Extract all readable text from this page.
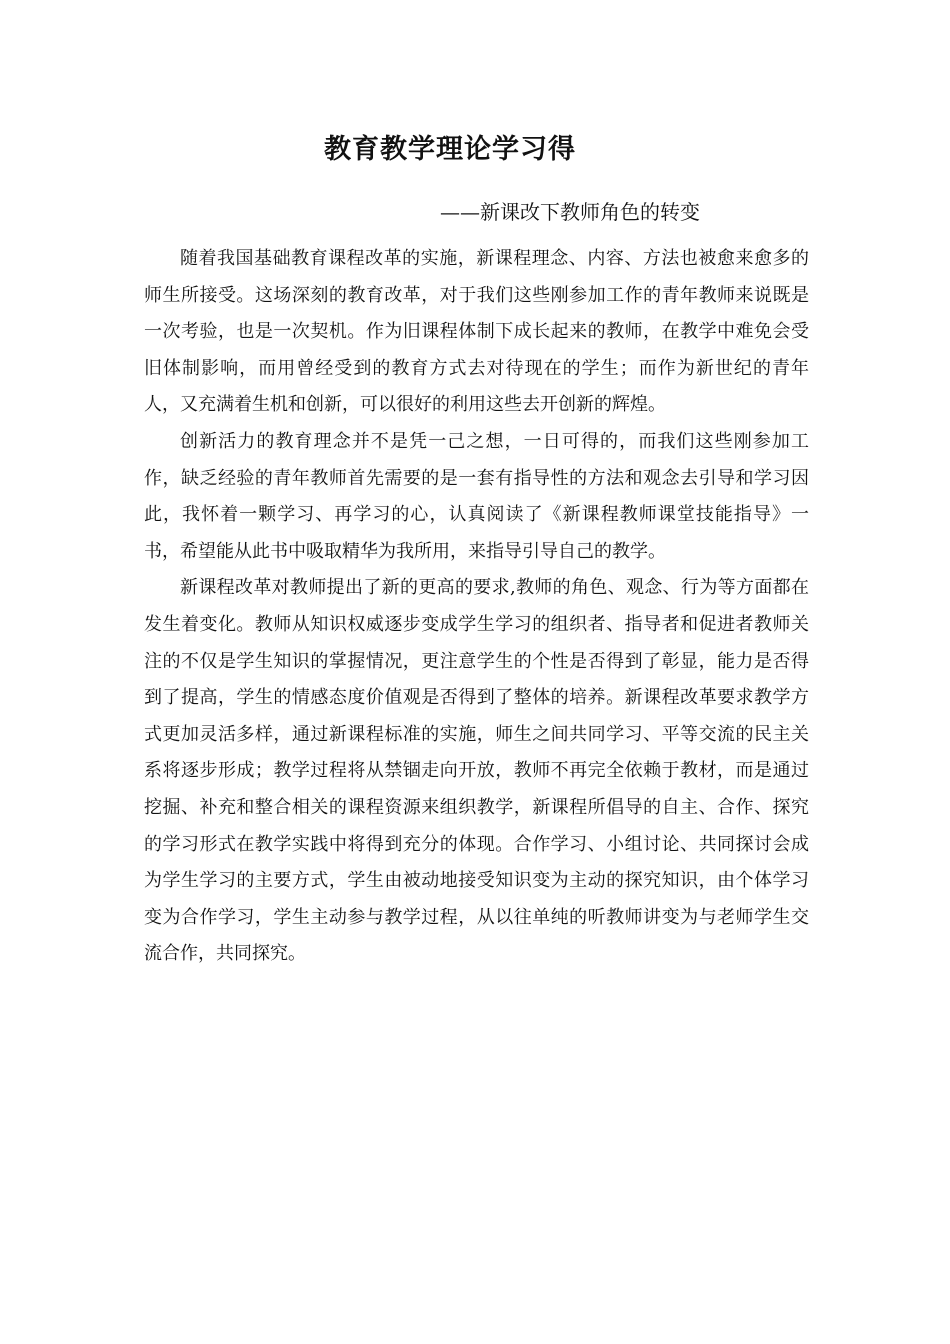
教育教学理论学习得
——新课改下教师角色的转变

随着我国基础教育课程改革的实施，新课程理念、内容、方法也被愈来愈多的师生所接受。这场深刻的教育改革，对于我们这些刚参加工作的青年教师来说既是一次考验，也是一次契机。作为旧课程体制下成长起来的教师，在教学中难免会受旧体制影响，而用曾经受到的教育方式去对待现在的学生；而作为新世纪的青年人，又充满着生机和创新，可以很好的利用这些去开创新的辉煌。

创新活力的教育理念并不是凭一己之想，一日可得的，而我们这些刚参加工作，缺乏经验的青年教师首先需要的是一套有指导性的方法和观念去引导和学习因此，我怀着一颗学习、再学习的心，认真阅读了《新课程教师课堂技能指导》一书，希望能从此书中吸取精华为我所用，来指导引导自己的教学。

新课程改革对教师提出了新的更高的要求,教师的角色、观念、行为等方面都在发生着变化。教师从知识权威逐步变成学生学习的组织者、指导者和促进者教师关注的不仅是学生知识的掌握情况，更注意学生的个性是否得到了彰显，能力是否得到了提高，学生的情感态度价值观是否得到了整体的培养。新课程改革要求教学方式更加灵活多样，通过新课程标准的实施，师生之间共同学习、平等交流的民主关系将逐步形成；教学过程将从禁锢走向开放，教师不再完全依赖于教材，而是通过挖掘、补充和整合相关的课程资源来组织教学，新课程所倡导的自主、合作、探究的学习形式在教学实践中将得到充分的体现。合作学习、小组讨论、共同探讨会成为学生学习的主要方式，学生由被动地接受知识变为主动的探究知识，由个体学习变为合作学习，学生主动参与教学过程，从以往单纯的听教师讲变为与老师学生交流合作，共同探究。
